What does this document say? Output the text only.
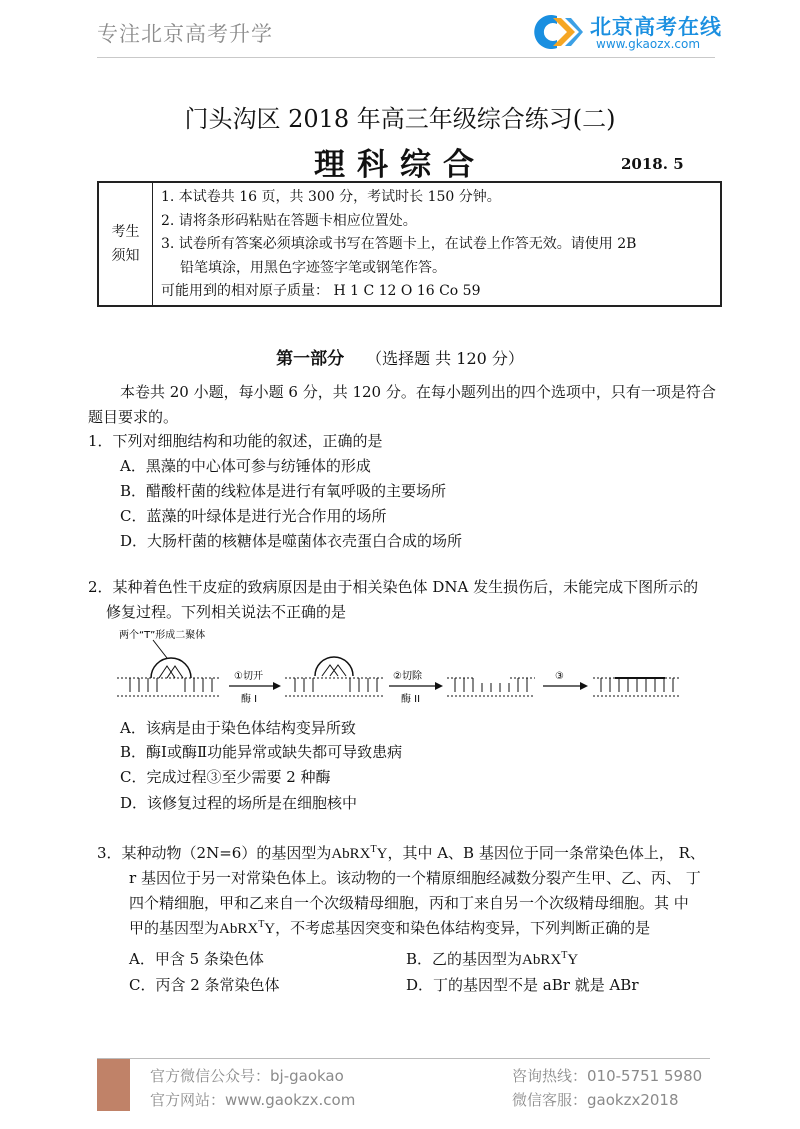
专注北京高考升学	北京高考在线
www.gkaozx.com
门头沟区 2018 年高三年级综合练习(二)
理科综合	2018. 5
考生
须知
1. 本试卷共 16 页，共 300 分，考试时长 150 分钟。
2. 请将条形码粘贴在答题卡相应位置处。
3. 试卷所有答案必须填涂或书写在答题卡上，在试卷上作答无效。请使用 2B
铅笔填涂，用黑色字迹签字笔或钢笔作答。
可能用到的相对原子质量： H 1 C 12 O 16 Co 59
第一部分 （选择题 共 120 分）
本卷共 20 小题，每小题 6 分，共 120 分。在每小题列出的四个选项中，只有一项是符合
题目要求的。
1．下列对细胞结构和功能的叙述，正确的是
A．黑藻的中心体可参与纺锤体的形成
B．醋酸杆菌的线粒体是进行有氧呼吸的主要场所
C．蓝藻的叶绿体是进行光合作用的场所
D．大肠杆菌的核糖体是噬菌体衣壳蛋白合成的场所
2．某种着色性干皮症的致病原因是由于相关染色体 DNA 发生损伤后，未能完成下图所示的
修复过程。下列相关说法不正确的是
两个“T”形成二聚体
①切开
酶 I
②切除
酶 II
③
A．该病是由于染色体结构变异所致
B．酶Ⅰ或酶Ⅱ功能异常或缺失都可导致患病
C．完成过程③至少需要 2 种酶
D．该修复过程的场所是在细胞核中
3．某种动物（2N=6）的基因型为AbRX$^T$Y，其中 A、B 基因位于同一条常染色体上， R、
r 基因位于另一对常染色体上。该动物的一个精原细胞经减数分裂产生甲、乙、丙、 丁
四个精细胞，甲和乙来自一个次级精母细胞，丙和丁来自另一个次级精母细胞。其 中
甲的基因型为AbRX$^T$Y，不考虑基因突变和染色体结构变异，下列判断正确的是
A．甲含 5 条染色体	B．乙的基因型为AbRX$^T$Y
C．丙含 2 条常染色体	D．丁的基因型不是 aBr 就是 ABr
官方微信公众号：bj-gaokao
官方网站：www.gaokzx.com
咨询热线：010-5751 5980
微信客服：gaokzx2018
